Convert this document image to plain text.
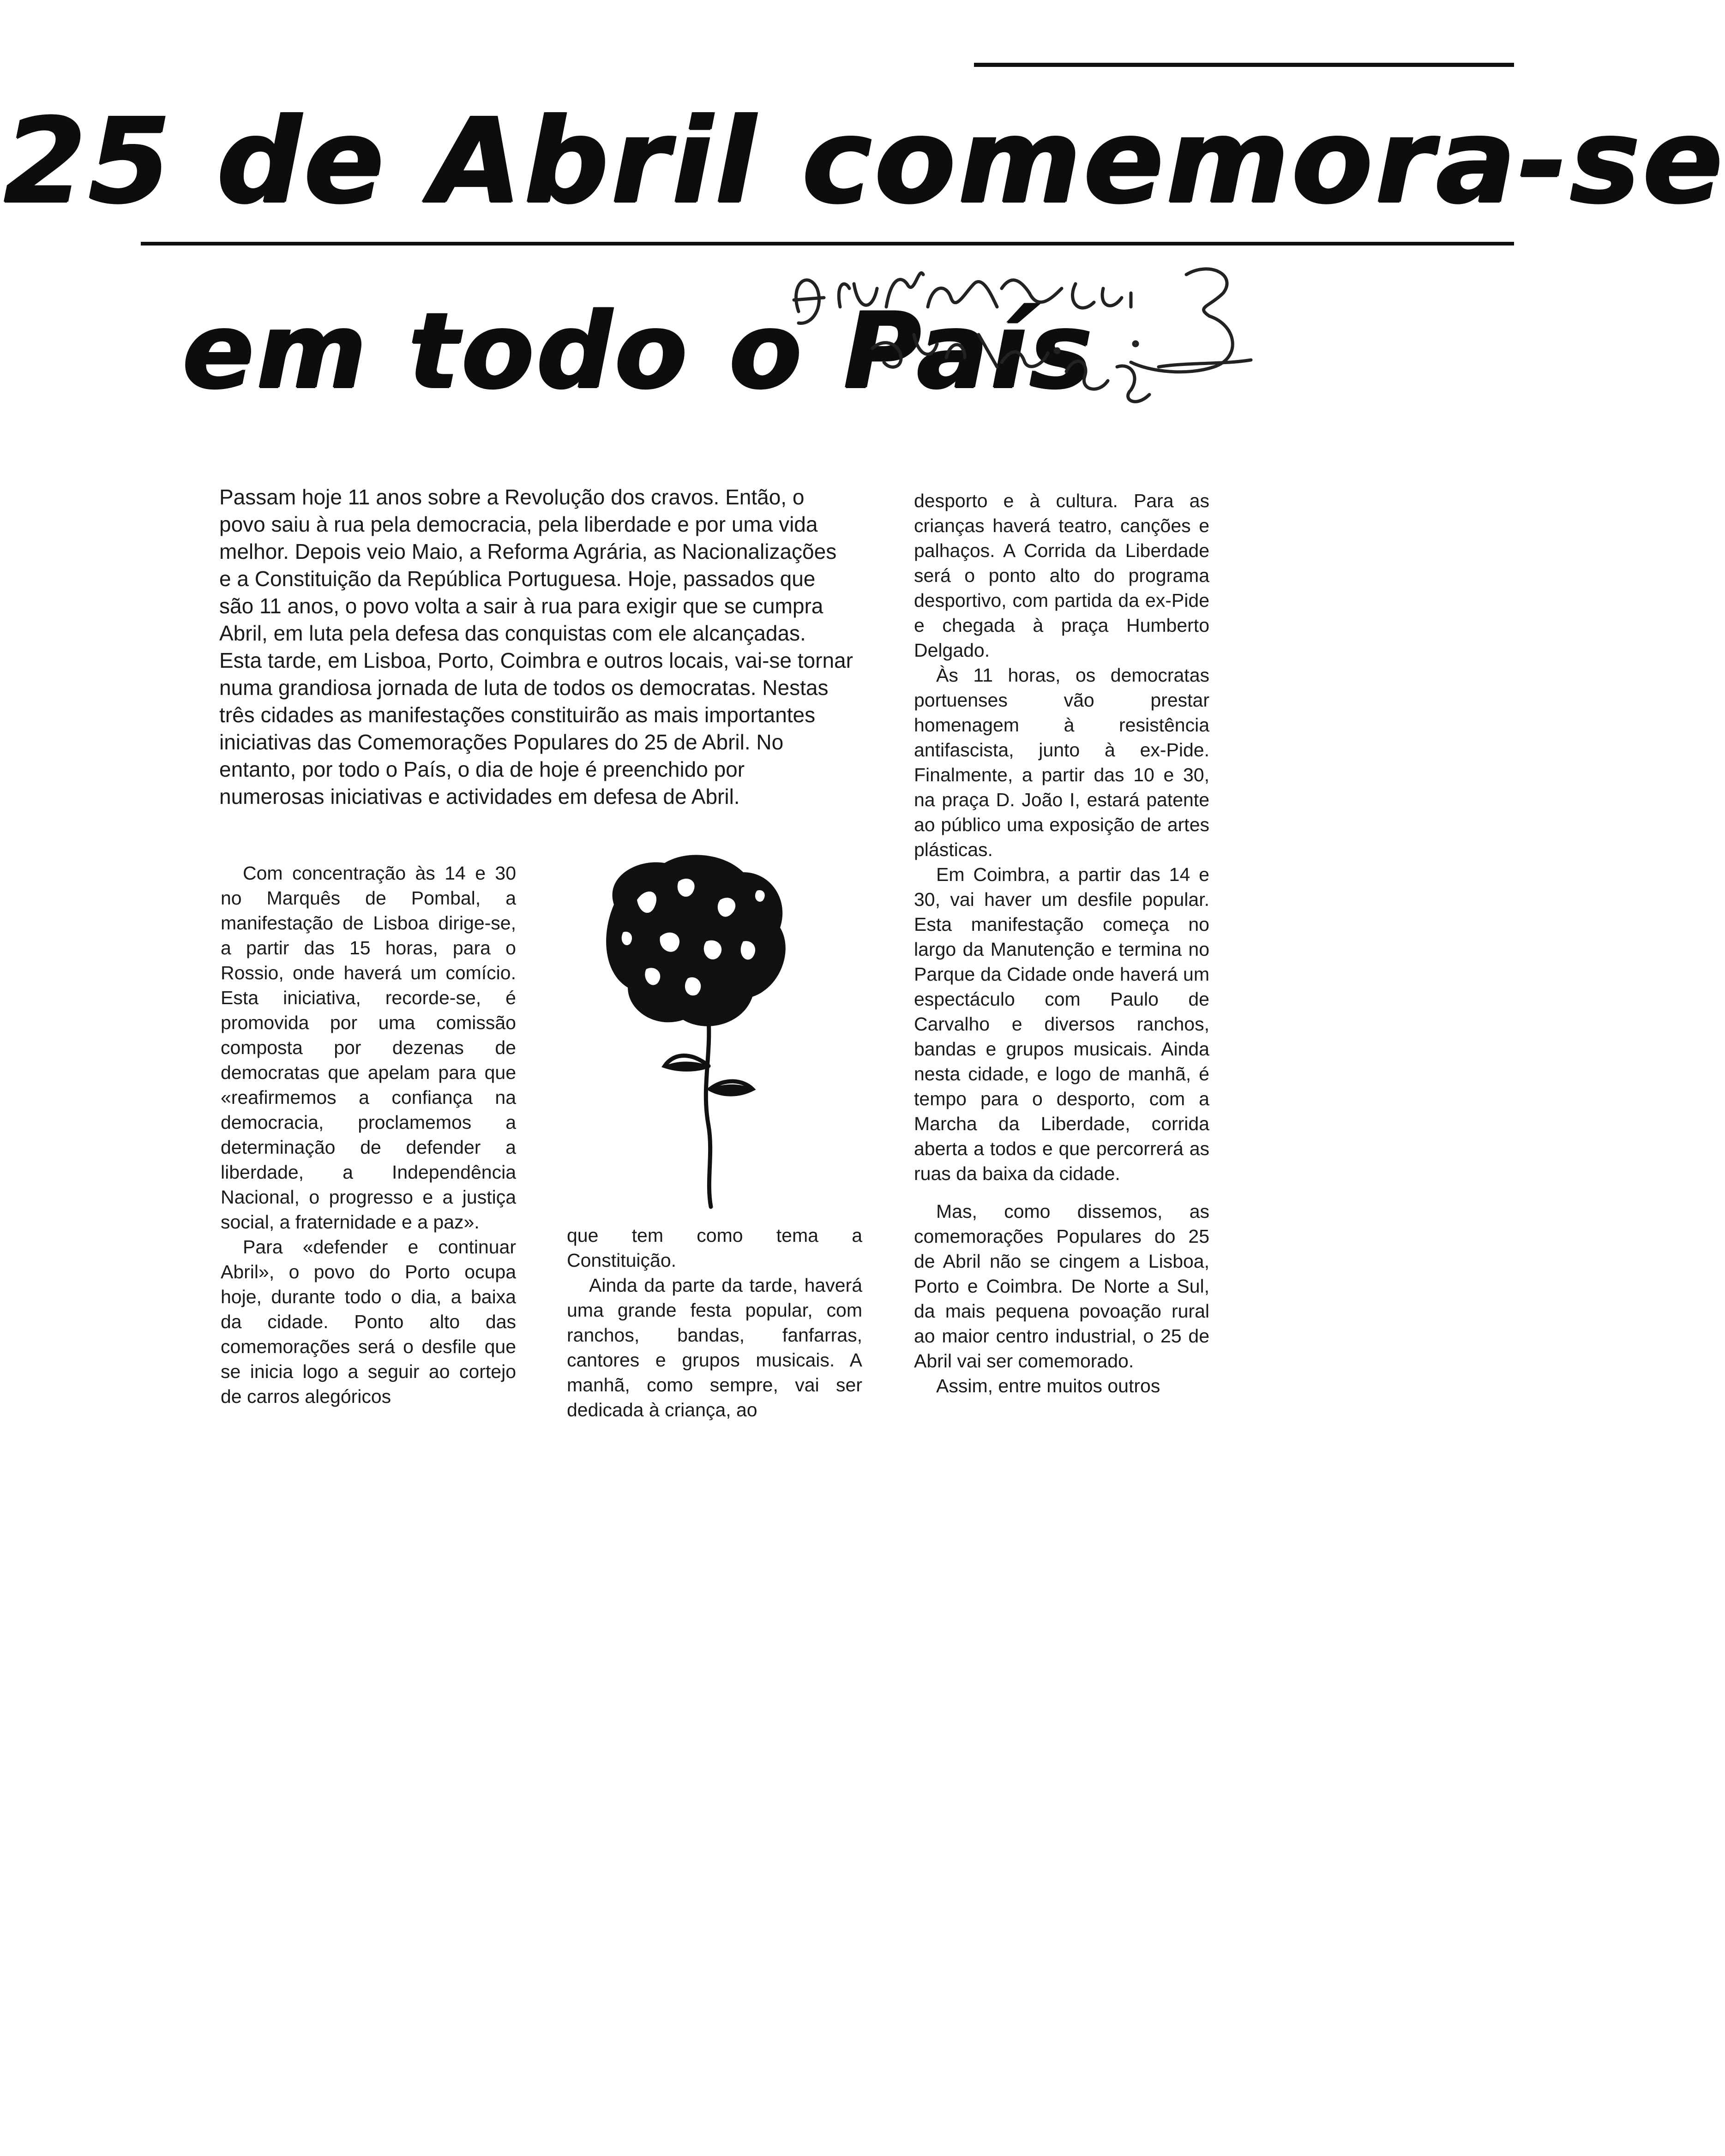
25 de Abril comemora-se
em todo o País

Passam hoje 11 anos sobre a Revolução dos cravos. Então, o povo saiu à rua pela democracia, pela liberdade e por uma vida melhor. Depois veio Maio, a Reforma Agrária, as Nacionalizações e a Constituição da República Portuguesa. Hoje, passados que são 11 anos, o povo volta a sair à rua para exigir que se cumpra Abril, em luta pela defesa das conquistas com ele alcançadas. Esta tarde, em Lisboa, Porto, Coimbra e outros locais, vai-se tornar numa grandiosa jornada de luta de todos os democratas. Nestas três cidades as manifestações constituirão as mais importantes iniciativas das Comemorações Populares do 25 de Abril. No entanto, por todo o País, o dia de hoje é preenchido por numerosas iniciativas e actividades em defesa de Abril.

Com concentração às 14 e 30 no Marquês de Pombal, a manifestação de Lisboa dirige-se, a partir das 15 horas, para o Rossio, onde haverá um comício. Esta iniciativa, recorde-se, é promovida por uma comissão composta por dezenas de democratas que apelam para que «reafirmemos a confiança na democracia, proclamemos a determinação de defender a liberdade, a Independência Nacional, o progresso e a justiça social, a fraternidade e a paz».

Para «defender e continuar Abril», o povo do Porto ocupa hoje, durante todo o dia, a baixa da cidade. Ponto alto das comemorações será o desfile que se inicia logo a seguir ao cortejo de carros alegóricos

que tem como tema a Constituição.

Ainda da parte da tarde, haverá uma grande festa popular, com ranchos, bandas, fanfarras, cantores e grupos musicais. A manhã, como sempre, vai ser dedicada à criança, ao

desporto e à cultura. Para as crianças haverá teatro, canções e palhaços. A Corrida da Liberdade será o ponto alto do programa desportivo, com partida da ex-Pide e chegada à praça Humberto Delgado.

Às 11 horas, os democratas portuenses vão prestar homenagem à resistência antifascista, junto à ex-Pide. Finalmente, a partir das 10 e 30, na praça D. João I, estará patente ao público uma exposição de artes plásticas.

Em Coimbra, a partir das 14 e 30, vai haver um desfile popular. Esta manifestação começa no largo da Manutenção e termina no Parque da Cidade onde haverá um espectáculo com Paulo de Carvalho e diversos ranchos, bandas e grupos musicais. Ainda nesta cidade, e logo de manhã, é tempo para o desporto, com a Marcha da Liberdade, corrida aberta a todos e que percorrerá as ruas da baixa da cidade.

Mas, como dissemos, as comemorações Populares do 25 de Abril não se cingem a Lisboa, Porto e Coimbra. De Norte a Sul, da mais pequena povoação rural ao maior centro industrial, o 25 de Abril vai ser comemorado.

Assim, entre muitos outros
